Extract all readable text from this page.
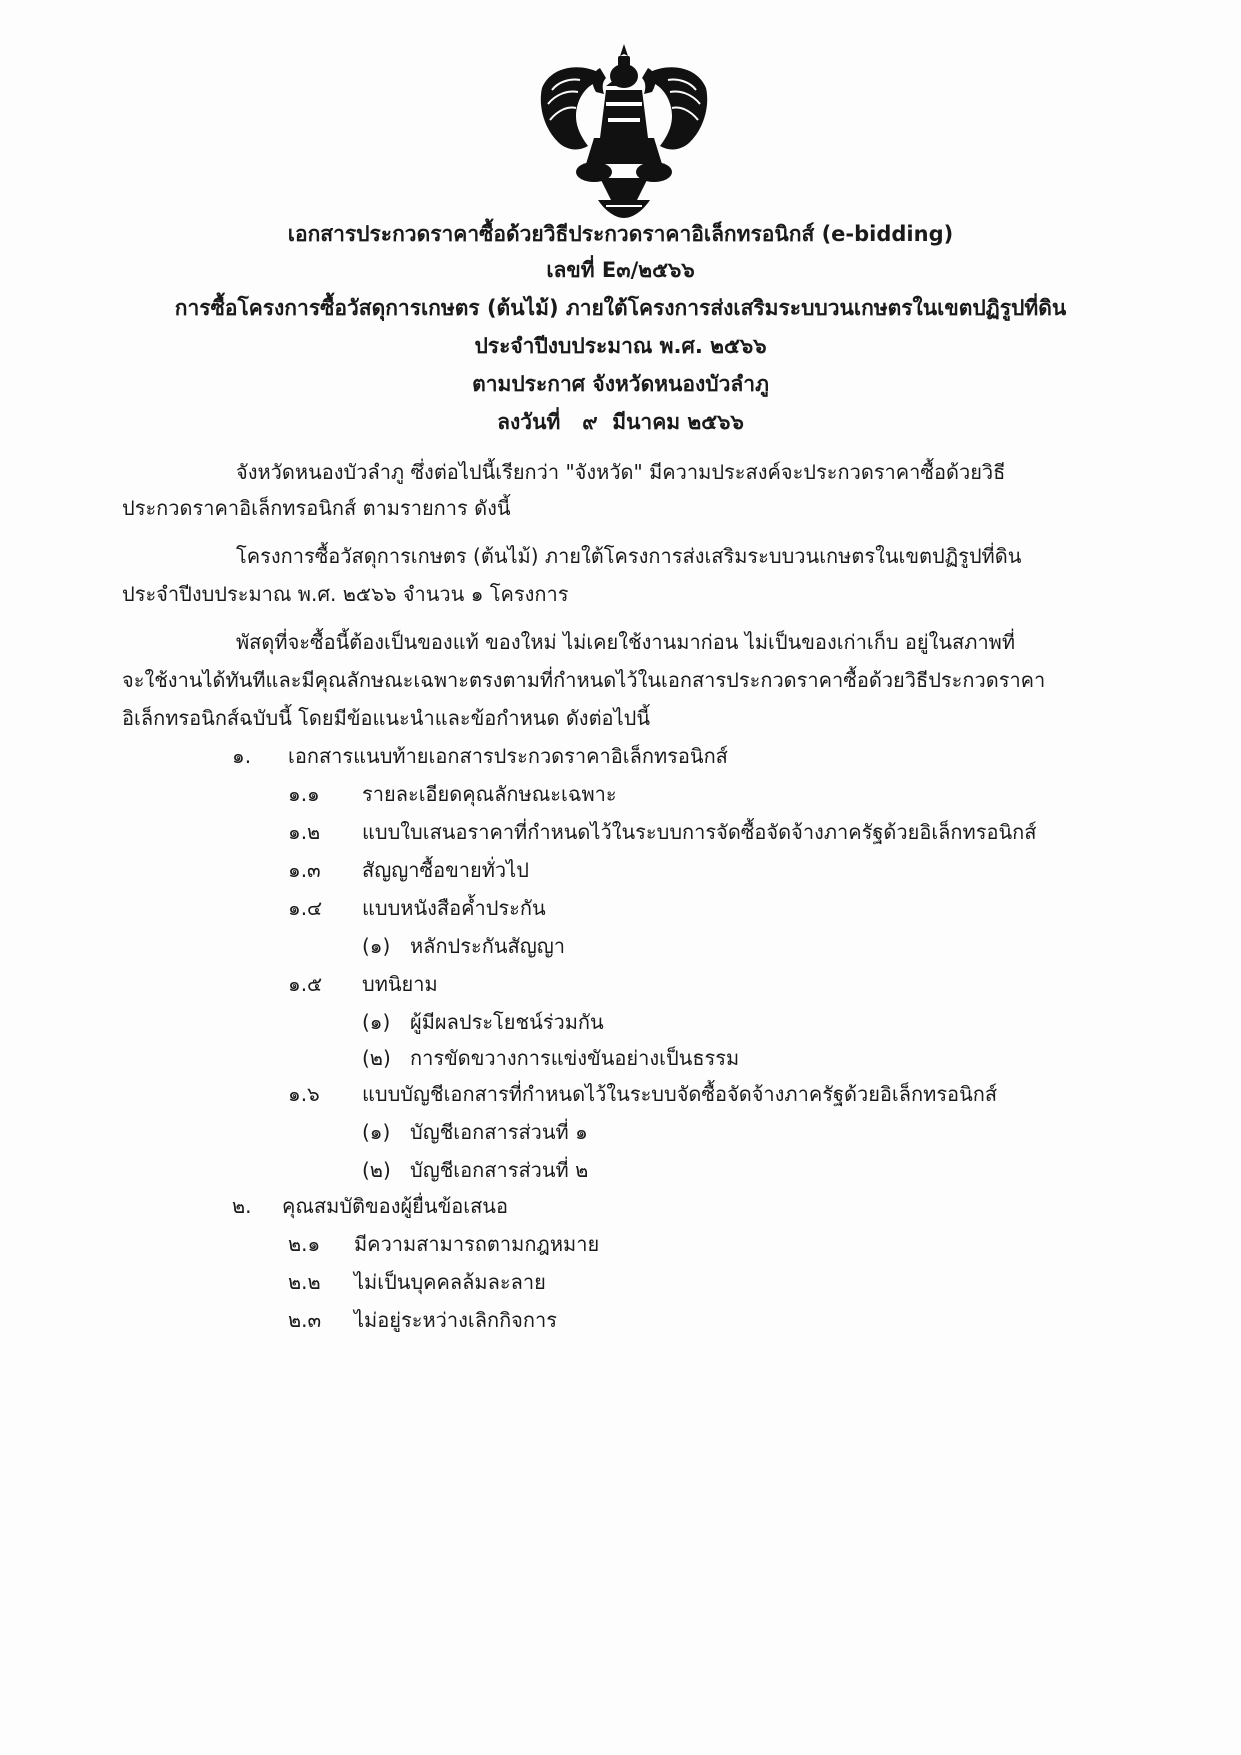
เอกสารประกวดราคาซื้อด้วยวิธีประกวดราคาอิเล็กทรอนิกส์ (e-bidding)
เลขที่ E๓/๒๕๖๖
การซื้อโครงการซื้อวัสดุการเกษตร (ต้นไม้) ภายใต้โครงการส่งเสริมระบบวนเกษตรในเขตปฏิรูปที่ดิน
ประจำปีงบประมาณ พ.ศ. ๒๕๖๖
ตามประกาศ จังหวัดหนองบัวลำภู
ลงวันที่   ๙  มีนาคม ๒๕๖๖
จังหวัดหนองบัวลำภู ซึ่งต่อไปนี้เรียกว่า "จังหวัด" มีความประสงค์จะประกวดราคาซื้อด้วยวิธี
ประกวดราคาอิเล็กทรอนิกส์ ตามรายการ ดังนี้
โครงการซื้อวัสดุการเกษตร (ต้นไม้) ภายใต้โครงการส่งเสริมระบบวนเกษตรในเขตปฏิรูปที่ดิน
ประจำปีงบประมาณ พ.ศ. ๒๕๖๖ จำนวน ๑ โครงการ
พัสดุที่จะซื้อนี้ต้องเป็นของแท้ ของใหม่ ไม่เคยใช้งานมาก่อน ไม่เป็นของเก่าเก็บ อยู่ในสภาพที่
จะใช้งานได้ทันทีและมีคุณลักษณะเฉพาะตรงตามที่กำหนดไว้ในเอกสารประกวดราคาซื้อด้วยวิธีประกวดราคา
อิเล็กทรอนิกส์ฉบับนี้ โดยมีข้อแนะนำและข้อกำหนด ดังต่อไปนี้
๑. เอกสารแนบท้ายเอกสารประกวดราคาอิเล็กทรอนิกส์
๑.๑ รายละเอียดคุณลักษณะเฉพาะ
๑.๒ แบบใบเสนอราคาที่กำหนดไว้ในระบบการจัดซื้อจัดจ้างภาครัฐด้วยอิเล็กทรอนิกส์
๑.๓ สัญญาซื้อขายทั่วไป
๑.๔ แบบหนังสือค้ำประกัน
(๑) หลักประกันสัญญา
๑.๕ บทนิยาม
(๑) ผู้มีผลประโยชน์ร่วมกัน
(๒) การขัดขวางการแข่งขันอย่างเป็นธรรม
๑.๖ แบบบัญชีเอกสารที่กำหนดไว้ในระบบจัดซื้อจัดจ้างภาครัฐด้วยอิเล็กทรอนิกส์
(๑) บัญชีเอกสารส่วนที่ ๑
(๒) บัญชีเอกสารส่วนที่ ๒
๒. คุณสมบัติของผู้ยื่นข้อเสนอ
๒.๑ มีความสามารถตามกฎหมาย
๒.๒ ไม่เป็นบุคคลล้มละลาย
๒.๓ ไม่อยู่ระหว่างเลิกกิจการ
